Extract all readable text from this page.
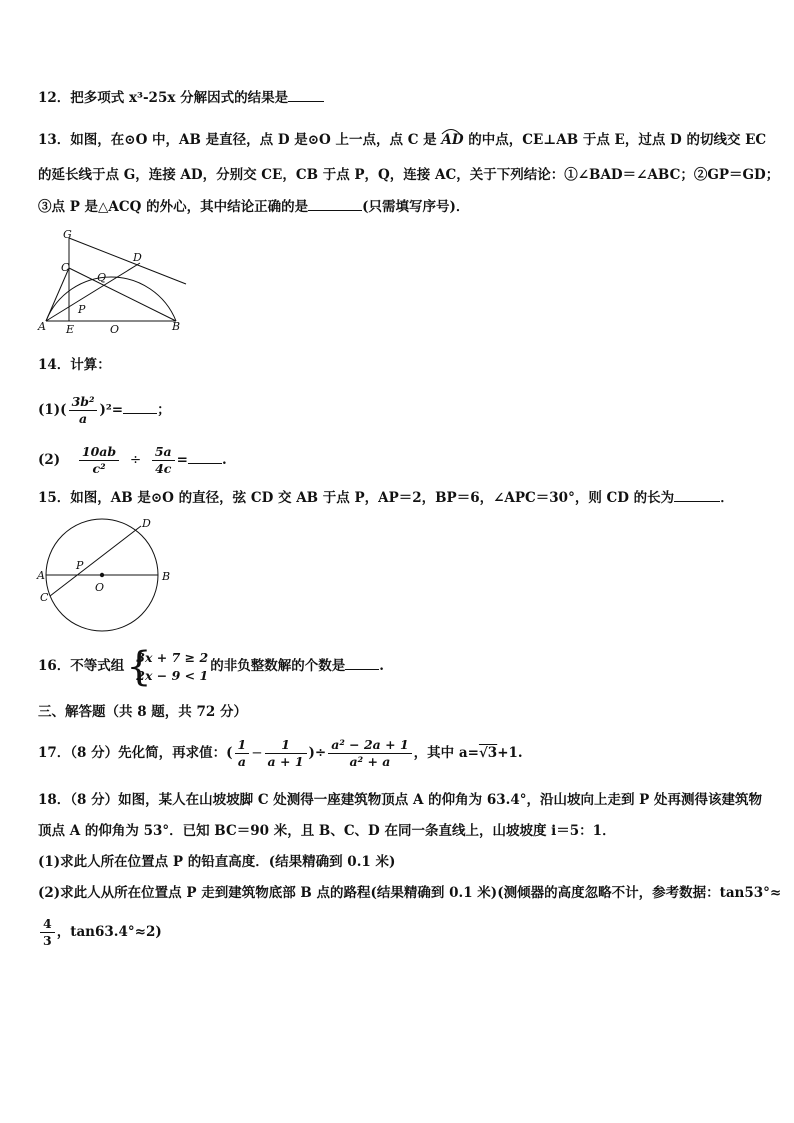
12．把多项式 x³-25x 分解因式的结果是
13．如图，在⊙O 中，AB 是直径，点 D 是⊙O 上一点，点 C 是 AD 的中点，CE⊥AB 于点 E，过点 D 的切线交 EC
的延长线于点 G，连接 AD，分别交 CE，CB 于点 P，Q，连接 AC，关于下列结论：①∠BAD＝∠ABC；②GP＝GD；
③点 P 是△ACQ 的外心，其中结论正确的是	(只需填写序号)．
G
C
D
Q
P
A E	O	B
14．计算：
$(1)( \frac{\text{3b²}}{a} )^2=$	；
$(2) \frac{10ab}{\text{c²}} \div \frac{5a}{4c}$ =	.
15．如图，AB 是⊙O 的直径，弦 CD 交 AB 于点 P，AP＝2，BP＝6，∠APC＝30°，则 CD 的长为	．
D
P
A	B
O
C
16．不等式组 {
3x + 7 ≥ 2
2x − 9 < 1
的非负整数解的个数是	.
三、解答题（共 8 题，共 72 分）
17．（8 分）先化简，再求值：( $\frac{1}{a} - \frac{1}{a + 1}$ )÷ $\frac{\text{a² − 2a + 1}}{\text{a² + a}}$ ，其中 a=√3+1.
18．（8 分）如图，某人在山坡坡脚 C 处测得一座建筑物顶点 A 的仰角为 63.4°，沿山坡向上走到 P 处再测得该建筑物
顶点 A 的仰角为 53°．已知 BC＝90 米，且 B、C、D 在同一条直线上，山坡坡度 i＝5：1．
(1)求此人所在位置点 P 的铅直高度．(结果精确到 0.1 米)
(2)求此人从所在位置点 P 走到建筑物底部 B 点的路程(结果精确到 0.1 米)(测倾器的高度忽略不计，参考数据：tan53°≈
$\frac{4}{3}$ ，tan63.4°≈2)
